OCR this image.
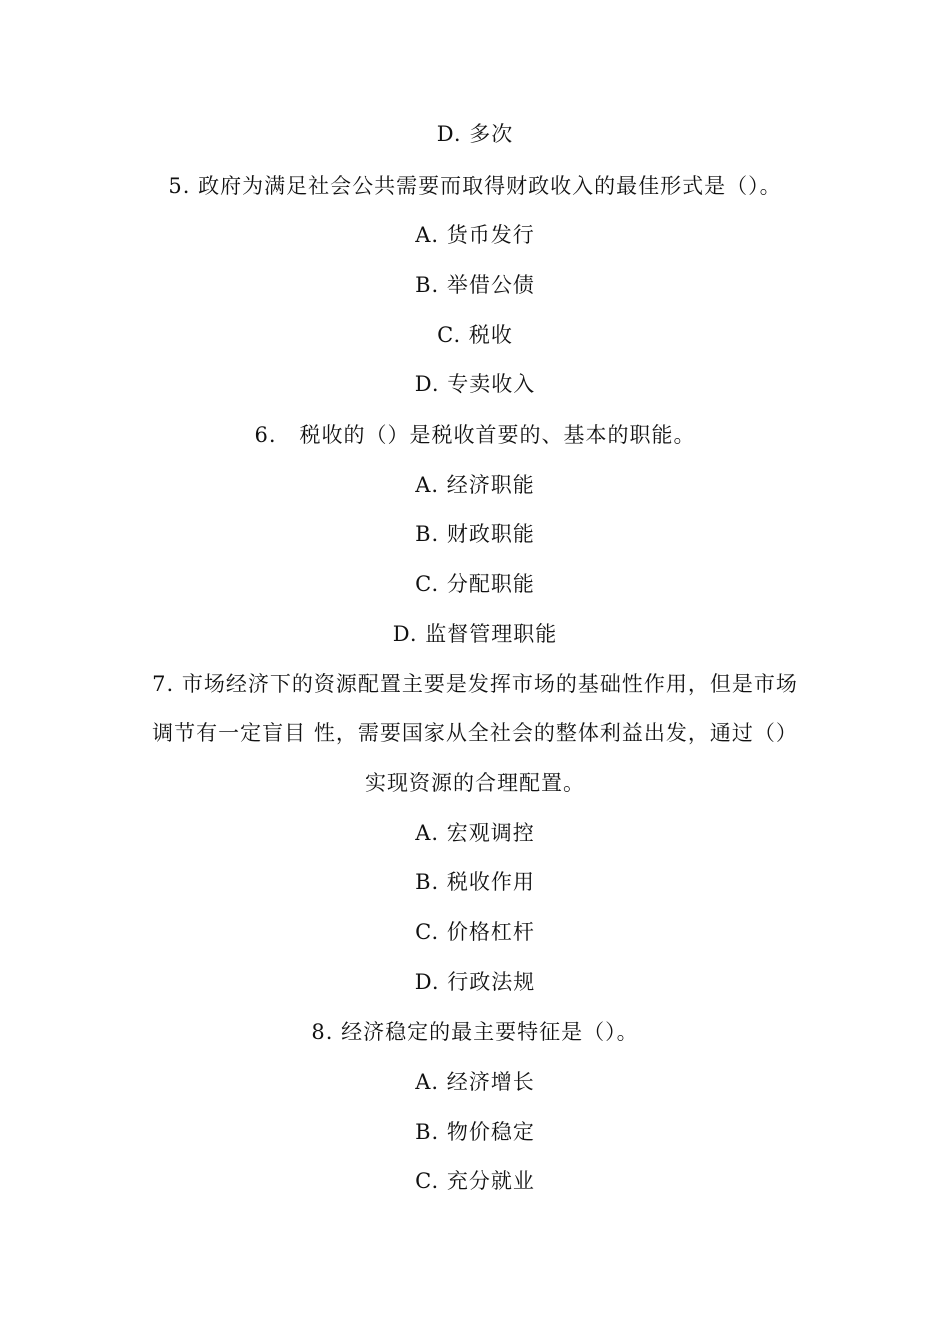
D. 多次
5. 政府为满足社会公共需要而取得财政收入的最佳形式是（）。
A. 货币发行
B. 举借公债
C. 税收
D. 专卖收入
6.   税收的（）是税收首要的、基本的职能。
A. 经济职能
B. 财政职能
C. 分配职能
D. 监督管理职能
7. 市场经济下的资源配置主要是发挥市场的基础性作用，但是市场
调节有一定盲目 性，需要国家从全社会的整体利益出发，通过（）
实现资源的合理配置。
A. 宏观调控
B. 税收作用
C. 价格杠杆
D. 行政法规
8. 经济稳定的最主要特征是（）。
A. 经济增长
B. 物价稳定
C. 充分就业
